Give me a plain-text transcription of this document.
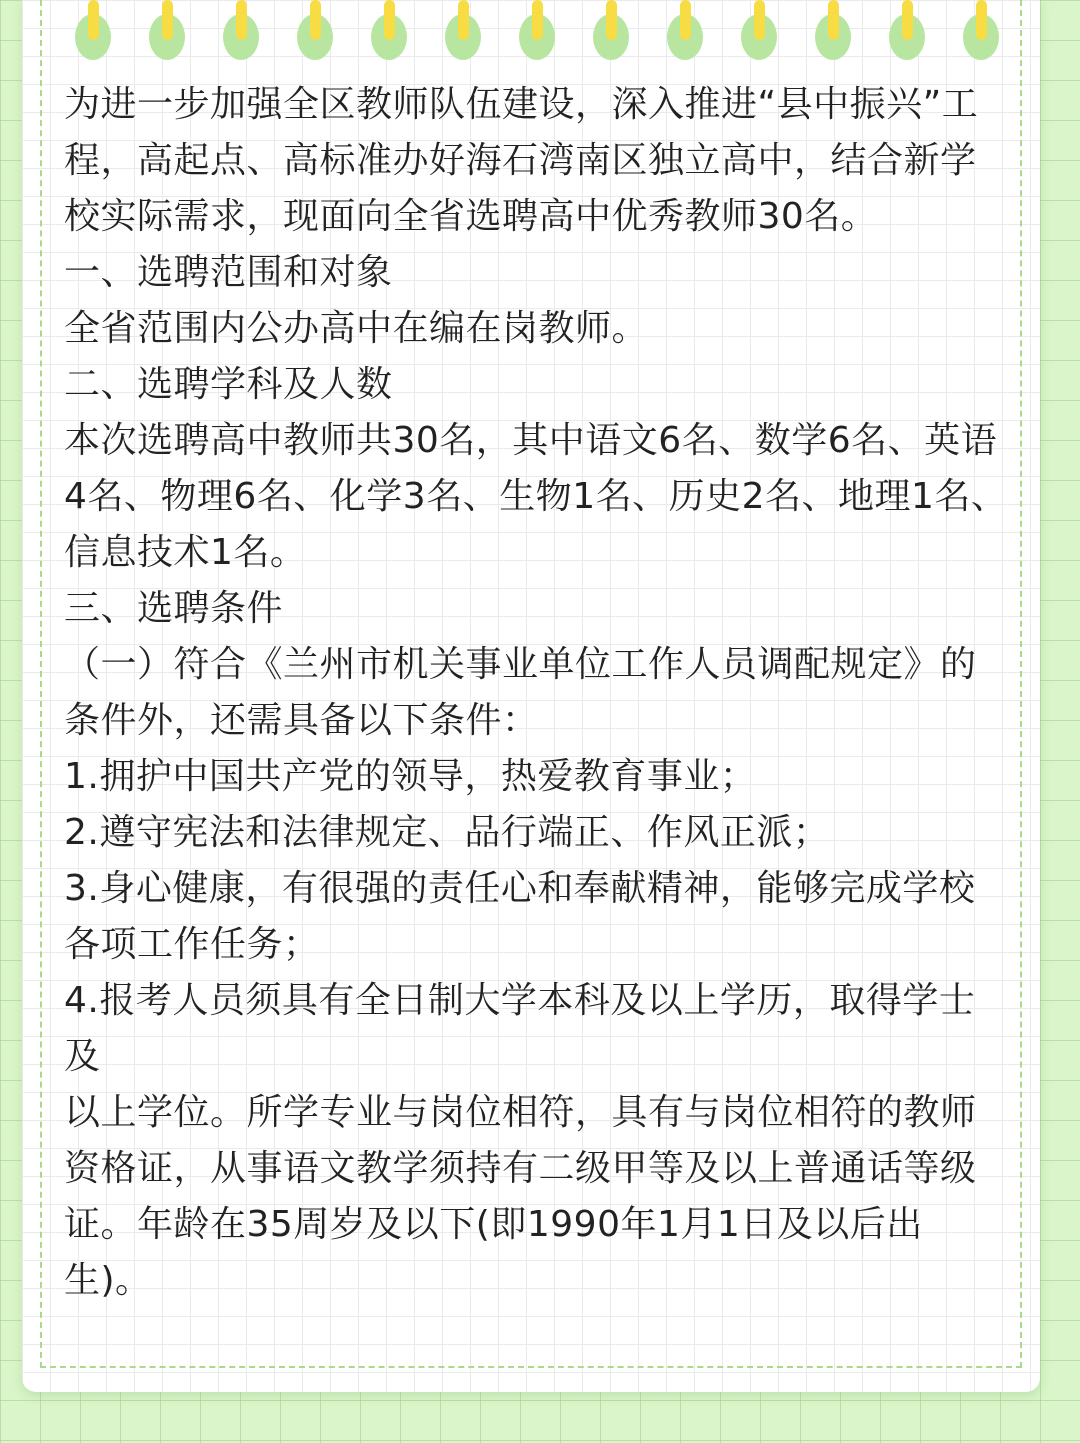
为进一步加强全区教师队伍建设，深入推进“县中振兴”工程，高起点、高标准办好海石湾南区独立高中，结合新学校实际需求，现面向全省选聘高中优秀教师30名。

一、选聘范围和对象

全省范围内公办高中在编在岗教师。

二、选聘学科及人数

本次选聘高中教师共30名，其中语文6名、数学6名、英语4名、物理6名、化学3名、生物1名、历史2名、地理1名、信息技术1名。

三、选聘条件

（一）符合《兰州市机关事业单位工作人员调配规定》的条件外，还需具备以下条件：

1.拥护中国共产党的领导，热爱教育事业；

2.遵守宪法和法律规定、品行端正、作风正派；

3.身心健康，有很强的责任心和奉献精神，能够完成学校各项工作任务；

4.报考人员须具有全日制大学本科及以上学历，取得学士及

以上学位。所学专业与岗位相符，具有与岗位相符的教师资格证，从事语文教学须持有二级甲等及以上普通话等级证。年龄在35周岁及以下(即1990年1月1日及以后出生)。
